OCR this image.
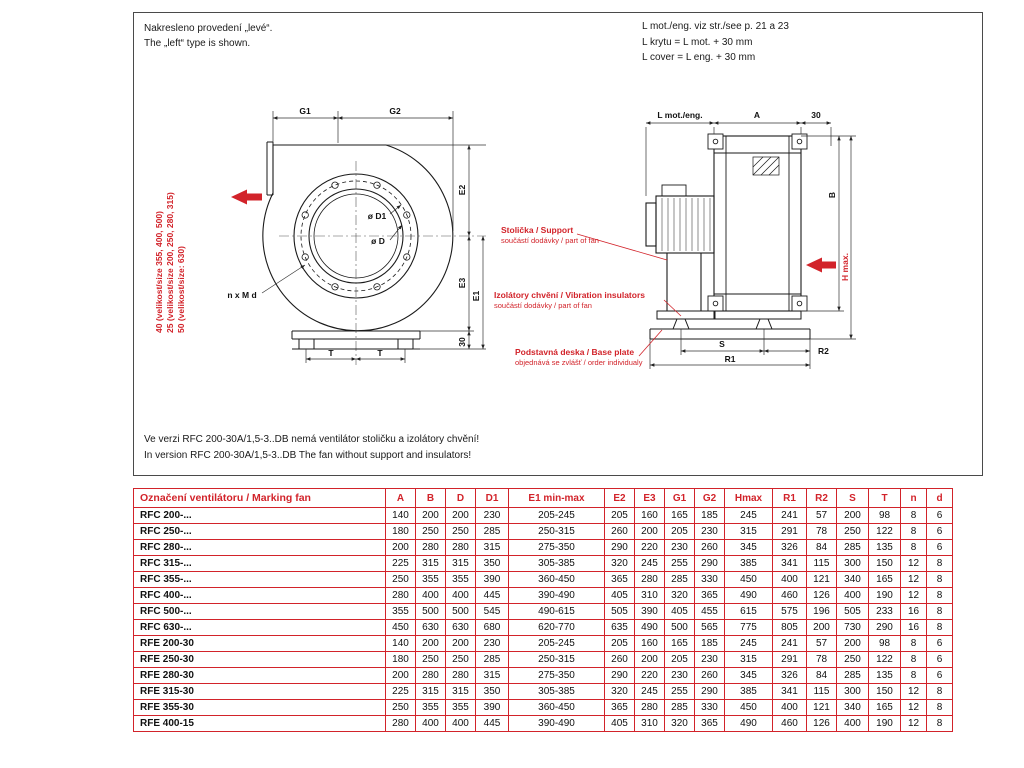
Nakresleno provedení „levé“.
The „left“ type is shown.
L mot./eng. viz str./see p. 21 a 23
L krytu = L mot. + 30 mm
L cover = L eng. + 30 mm
G1	G2
E2
E3
E1
30
T	T
ø D1
ø D
n x M d
L mot./eng.	A	30
B
H max.
S
R2
R1
40 (velikost/size 355, 400, 500) 25 (velikost/size 200, 250, 280, 315) 50 (velikost/size: 630)
Stolička / Support
součástí dodávky / part of fan
Izolátory chvění / Vibration insulators
součástí dodávky / part of fan
Podstavná deska / Base plate
objednává se zvlášť / order individualy
Ve verzi RFC 200-30A/1,5-3..DB nemá ventilátor stoličku a izolátory chvění!
In version RFC 200-30A/1,5-3..DB The fan without support and insulators!
Označení ventilátoru / Marking fan	A	B	D	D1	E1 min-max	E2	E3	G1	G2	Hmax	R1	R2	S	T	n	d
RFC 200-...	140	200	200	230	205-245	205	160	165	185	245	241	57	200	98	8	6
RFC 250-...	180	250	250	285	250-315	260	200	205	230	315	291	78	250	122	8	6
RFC 280-...	200	280	280	315	275-350	290	220	230	260	345	326	84	285	135	8	6
RFC 315-...	225	315	315	350	305-385	320	245	255	290	385	341	115	300	150	12	8
RFC 355-...	250	355	355	390	360-450	365	280	285	330	450	400	121	340	165	12	8
RFC 400-...	280	400	400	445	390-490	405	310	320	365	490	460	126	400	190	12	8
RFC 500-...	355	500	500	545	490-615	505	390	405	455	615	575	196	505	233	16	8
RFC 630-...	450	630	630	680	620-770	635	490	500	565	775	805	200	730	290	16	8
RFE 200-30	140	200	200	230	205-245	205	160	165	185	245	241	57	200	98	8	6
RFE 250-30	180	250	250	285	250-315	260	200	205	230	315	291	78	250	122	8	6
RFE 280-30	200	280	280	315	275-350	290	220	230	260	345	326	84	285	135	8	6
RFE 315-30	225	315	315	350	305-385	320	245	255	290	385	341	115	300	150	12	8
RFE 355-30	250	355	355	390	360-450	365	280	285	330	450	400	121	340	165	12	8
RFE 400-15	280	400	400	445	390-490	405	310	320	365	490	460	126	400	190	12	8
